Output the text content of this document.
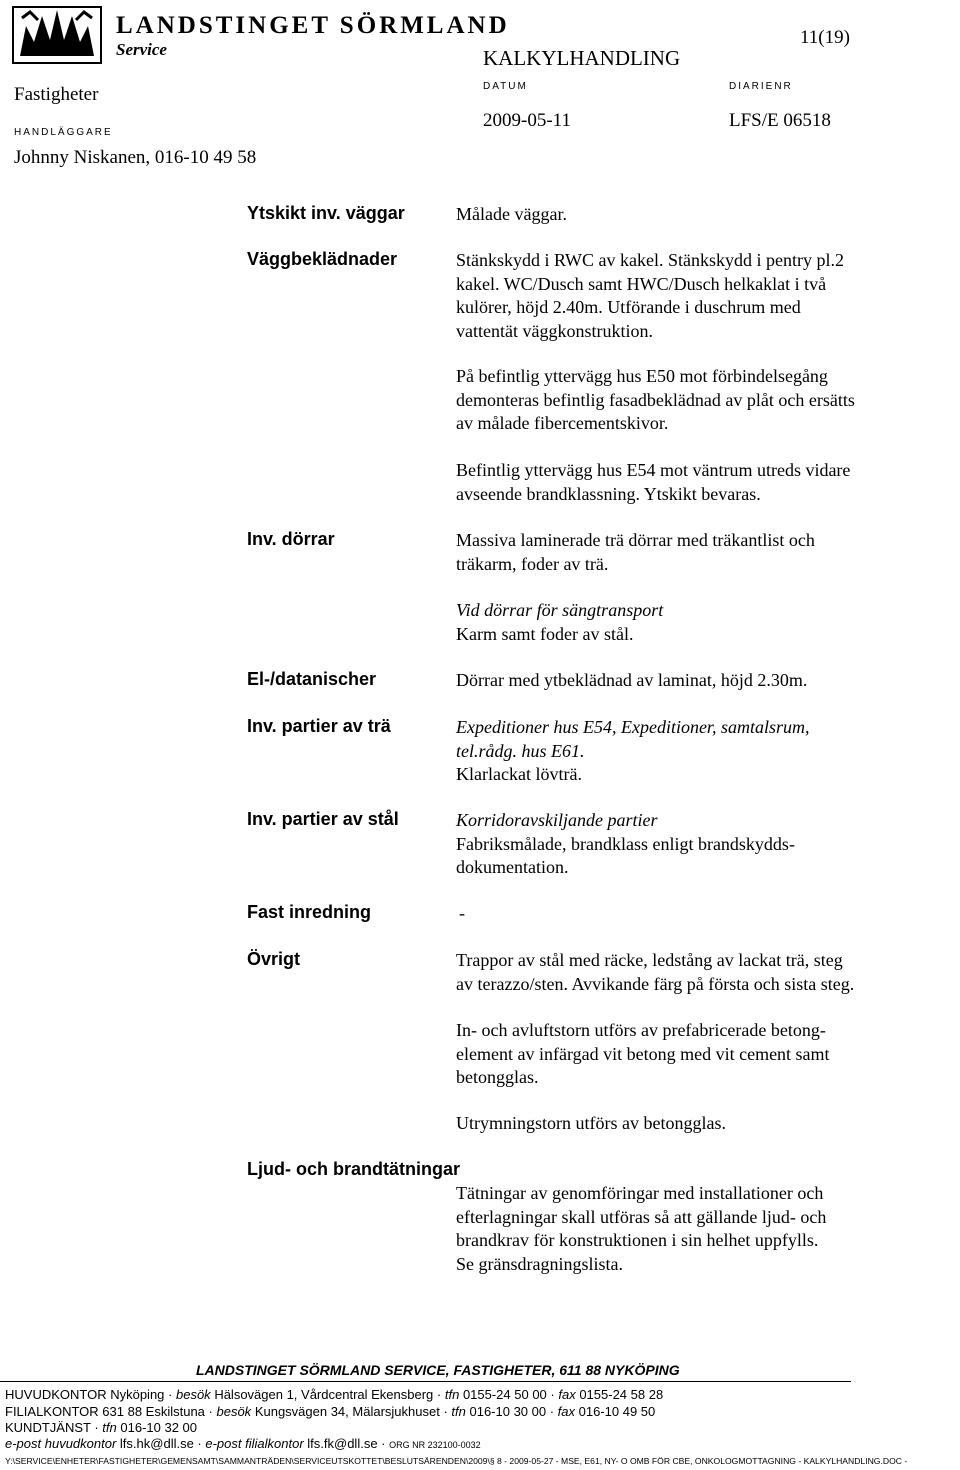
LANDSTINGET SÖRMLAND
Service
11(19)
KALKYLHANDLING
Fastigheter	DATUM	DIARIENR
HANDLÄGGARE
2009-05-11	LFS/E 06518
Johnny Niskanen, 016-10 49 58
Ytskikt inv. väggar	Målade väggar.

Väggbeklädnader	Stänkskydd i RWC av kakel. Stänkskydd i pentry pl.2

kakel. WC/Dusch samt HWC/Dusch helkaklat i två

kulörer, höjd 2.40m. Utförande i duschrum med

vattentät väggkonstruktion.

På befintlig yttervägg hus E50 mot förbindelsegång

demonteras befintlig fasadbeklädnad av plåt och ersätts

av målade fibercementskivor.

Befintlig yttervägg hus E54 mot väntrum utreds vidare

avseende brandklassning. Ytskikt bevaras.

Inv. dörrar	Massiva laminerade trä dörrar med träkantlist och

träkarm, foder av trä.

Vid dörrar för sängtransport

Karm samt foder av stål.

El-/datanischer	Dörrar med ytbeklädnad av laminat, höjd 2.30m.

Inv. partier av trä	Expeditioner hus E54, Expeditioner, samtalsrum,

tel.rådg. hus E61.

Klarlackat lövträ.

Inv. partier av stål	Korridoravskiljande partier

Fabriksmålade, brandklass enligt brandskydds-

dokumentation.

Fast inredning	-

Övrigt	Trappor av stål med räcke, ledstång av lackat trä, steg

av terazzo/sten. Avvikande färg på första och sista steg.

In- och avluftstorn utförs av prefabricerade betong-

element av infärgad vit betong med vit cement samt

betongglas.

Utrymningstorn utförs av betongglas.

Ljud- och brandtätningar

Tätningar av genomföringar med installationer och

efterlagningar skall utföras så att gällande ljud- och

brandkrav för konstruktionen i sin helhet uppfylls.

Se gränsdragningslista.

LANDSTINGET SÖRMLAND SERVICE, FASTIGHETER, 611 88 NYKÖPING
HUVUDKONTOR Nyköping · besök Hälsovägen 1, Vårdcentral Ekensberg · tfn 0155-24 50 00 · fax 0155-24 58 28
FILIALKONTOR 631 88 Eskilstuna · besök Kungsvägen 34, Mälarsjukhuset · tfn 016-10 30 00 · fax 016-10 49 50
KUNDTJÄNST · tfn 016-10 32 00
e-post huvudkontor lfs.hk@dll.se · e-post filialkontor lfs.fk@dll.se · ORG NR 232100-0032
Y:\SERVICE\ENHETER\FASTIGHETER\GEMENSAMT\SAMMANTRÄDEN\SERVICEUTSKOTTET\BESLUTSÄRENDEN\2009\§ 8 - 2009-05-27 - MSE, E61, NY- O OMB FÖR CBE, ONKOLOGMOTTAGNING - KALKYLHANDLING.DOC -
